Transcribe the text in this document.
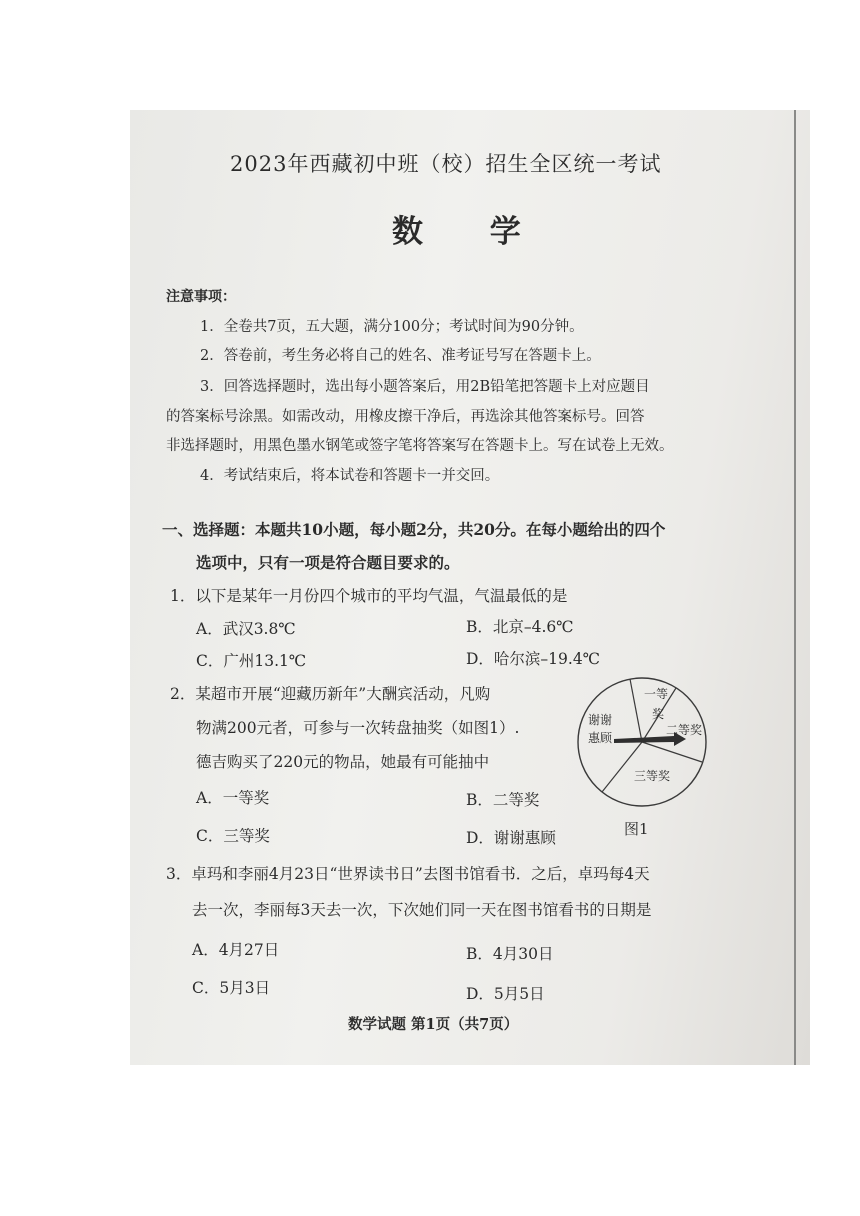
2023年西藏初中班（校）招生全区统一考试
数 学
注意事项：
1．全卷共7页，五大题，满分100分；考试时间为90分钟。
2．答卷前，考生务必将自己的姓名、准考证号写在答题卡上。
3．回答选择题时，选出每小题答案后，用2B铅笔把答题卡上对应题目
的答案标号涂黑。如需改动，用橡皮擦干净后，再选涂其他答案标号。回答
非选择题时，用黑色墨水钢笔或签字笔将答案写在答题卡上。写在试卷上无效。
4．考试结束后，将本试卷和答题卡一并交回。
一、选择题：本题共10小题，每小题2分，共20分。在每小题给出的四个
选项中，只有一项是符合题目要求的。
1．以下是某年一月份四个城市的平均气温，气温最低的是
A．武汉3.8℃	B．北京–4.6℃
C．广州13.1℃	D．哈尔滨–19.4℃
2．某超市开展“迎藏历新年”大酬宾活动，凡购
物满200元者，可参与一次转盘抽奖（如图1）.
德吉购买了220元的物品，她最有可能抽中
A．一等奖	B．二等奖
C．三等奖	D．谢谢惠顾
一等
奖
二等奖
三等奖
谢谢
惠顾
图1
3．卓玛和李丽4月23日“世界读书日”去图书馆看书．之后，卓玛每4天
去一次，李丽每3天去一次，下次她们同一天在图书馆看书的日期是
A．4月27日	B．4月30日
C．5月3日	D．5月5日
数学试题 第1页（共7页）
